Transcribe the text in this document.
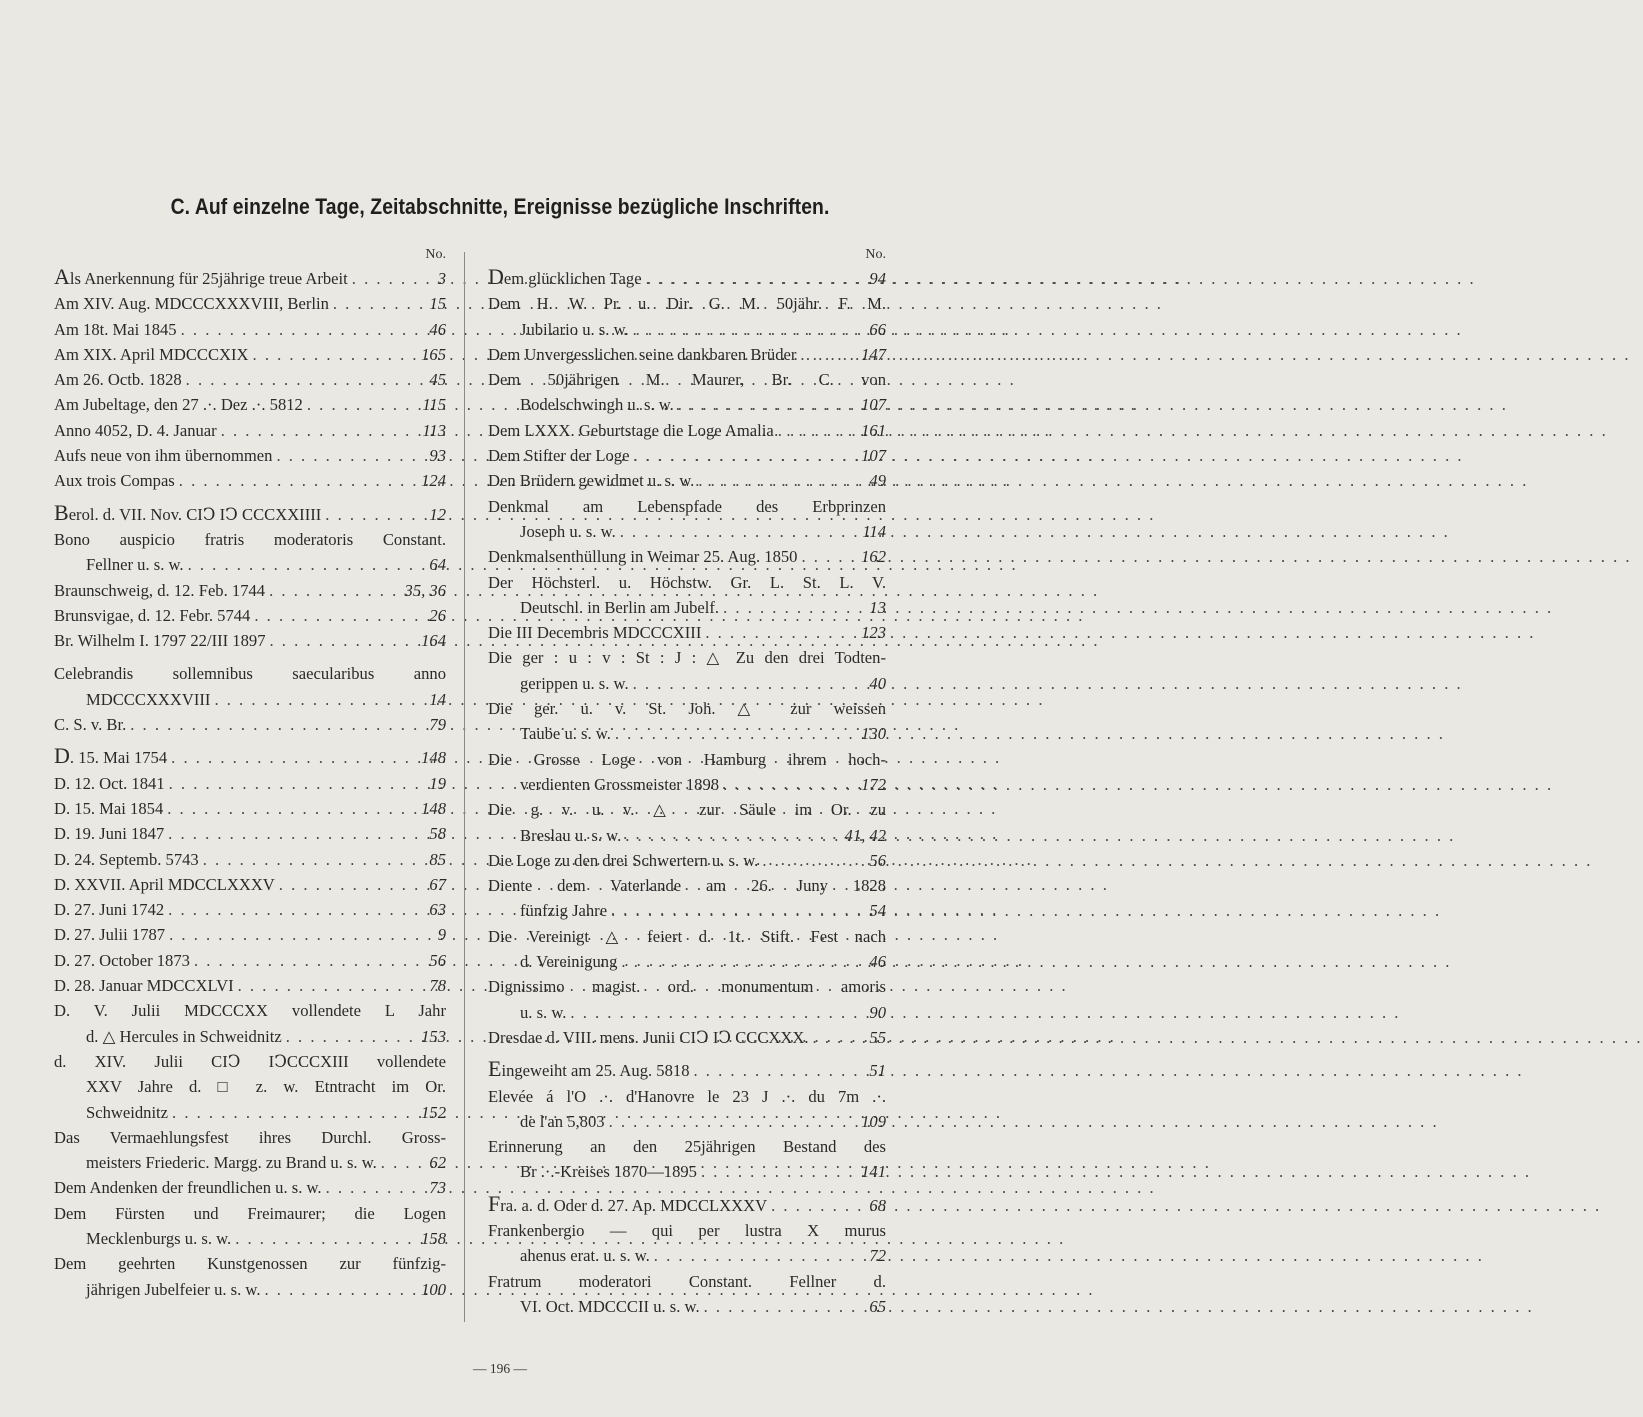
C. Auf einzelne Tage, Zeitabschnitte, Ereignisse bezügliche Inschriften.
No.
Als Anerkennung für 25jährige treue Arbeit . . .	3
Am XIV. Aug. MDCCCXXXVIII, Berlin . . .	15
Am 18t. Mai 1845 . . .	46
Am XIX. April MDCCCXIX . . .	165
Am 26. Octb. 1828 . . .	45
Am Jubeltage, den 27 .·. Dez .·. 5812 . . .	115
Anno 4052, D. 4. Januar . . .	113
Aufs neue von ihm übernommen . . .	93
Aux trois Compas . . .	124
Berol. d. VII. Nov. CIↃ IↃ CCCXXIIII . . .	12
Bono auspicio fratris moderatoris Constant.
Fellner u. s. w. . . .	64
Braunschweig, d. 12. Feb. 1744 . . .	35, 36
Brunsvigae, d. 12. Febr. 5744 . . .	26
Br. Wilhelm I. 1797 22/III 1897 . . .	164
Celebrandis sollemnibus saecularibus anno
MDCCCXXXVIII . . .	14
C. S. v. Br. . . .	79
D. 15. Mai 1754 . . .	148
D. 12. Oct. 1841 . . .	19
D. 15. Mai 1854 . . .	148
D. 19. Juni 1847 . . .	58
D. 24. Septemb. 5743 . . .	85
D. XXVII. April MDCCLXXXV . . .	67
D. 27. Juni 1742 . . .	63
D. 27. Julii 1787 . . .	9
D. 27. October 1873 . . .	56
D. 28. Januar MDCCXLVI . . .	78
D. V. Julii MDCCCXX vollendete L Jahr
d. △ Hercules in Schweidnitz . . .	153
d. XIV. Julii CIↃ IↃCCCXIII vollendete
XXV Jahre d. □ z. w. Etntracht im Or.
Schweidnitz . . .	152
Das Vermaehlungsfest ihres Durchl. Gross-
meisters Friederic. Margg. zu Brand u. s. w. . . .	62
Dem Andenken der freundlichen u. s. w. . . .	73
Dem Fürsten und Freimaurer; die Logen
Mecklenburgs u. s. w. . . .	158
Dem geehrten Kunstgenossen zur fünfzig-
jährigen Jubelfeier u. s. w. . . .	100
No.
Dem glücklichen Tage . . .	94
Dem H. W. Pr. u. Dir. G. M. 50jähr. F. M.
Jubilario u. s. w. . . .	66
Dem Unvergesslichen seine dankbaren Brüder . . .	147
Dem 50jährigen M. Maurer, Br. C. von
Bodelschwingh u. s. w. . . .	107
Dem LXXX. Geburtstage die Loge Amalia . . .	161
Dem Stifter der Loge . . .	107
Den Brüdern gewidmet u. s. w. . . .	49
Denkmal am Lebenspfade des Erbprinzen
Joseph u. s. w. . . .	114
Denkmalsenthüllung in Weimar 25. Aug. 1850 . . .	162
Der Höchsterl. u. Höchstw. Gr. L. St. L. V.
Deutschl. in Berlin am Jubelf. . . .	13
Die III Decembris MDCCCXIII . . .	123
Die ger : u : v : St : J : △ Zu den drei Todten-
gerippen u. s. w. . . .	40
Die ger. u. v. St. Joh. △ zur weissen
Taube u. s. w. . . .	130
Die Grosse Loge von Hamburg ihrem hoch-
verdienten Grossmeister 1898 . . .	172
Die g. v. u. v. △ zur Säule im Or. zu
Breslau u. s. w. . . .	41, 42
Die Loge zu den drei Schwertern u. s. w. . . .	56
Diente dem Vaterlande am 26. Juny 1828
fünfzig Jahre . . .	54
Die Vereinigt △ feiert d. 1t. Stift. Fest nach
d. Vereinigung . . .	46
Dignissimo magist. ord. monumentum amoris
u. s. w. . . .	90
Dresdae d. VIII. mens. Junii CIↃ IↃ CCCXXX. . . .	55
Eingeweiht am 25. Aug. 5818 . . .	51
Elevée á l'O .·. d'Hanovre le 23 J .·. du 7m .·.
de l'an 5,803 . . .	109
Erinnerung an den 25jährigen Bestand des
Br .·.-Kreises 1870—1895 . . .	141
Fra. a. d. Oder d. 27. Ap. MDCCLXXXV . . .	68
Frankenbergio — qui per lustra X murus
ahenus erat. u. s. w. . . .	72
Fratrum moderatori Constant. Fellner d.
VI. Oct. MDCCCII u. s. w. . . .	65
— 196 —
